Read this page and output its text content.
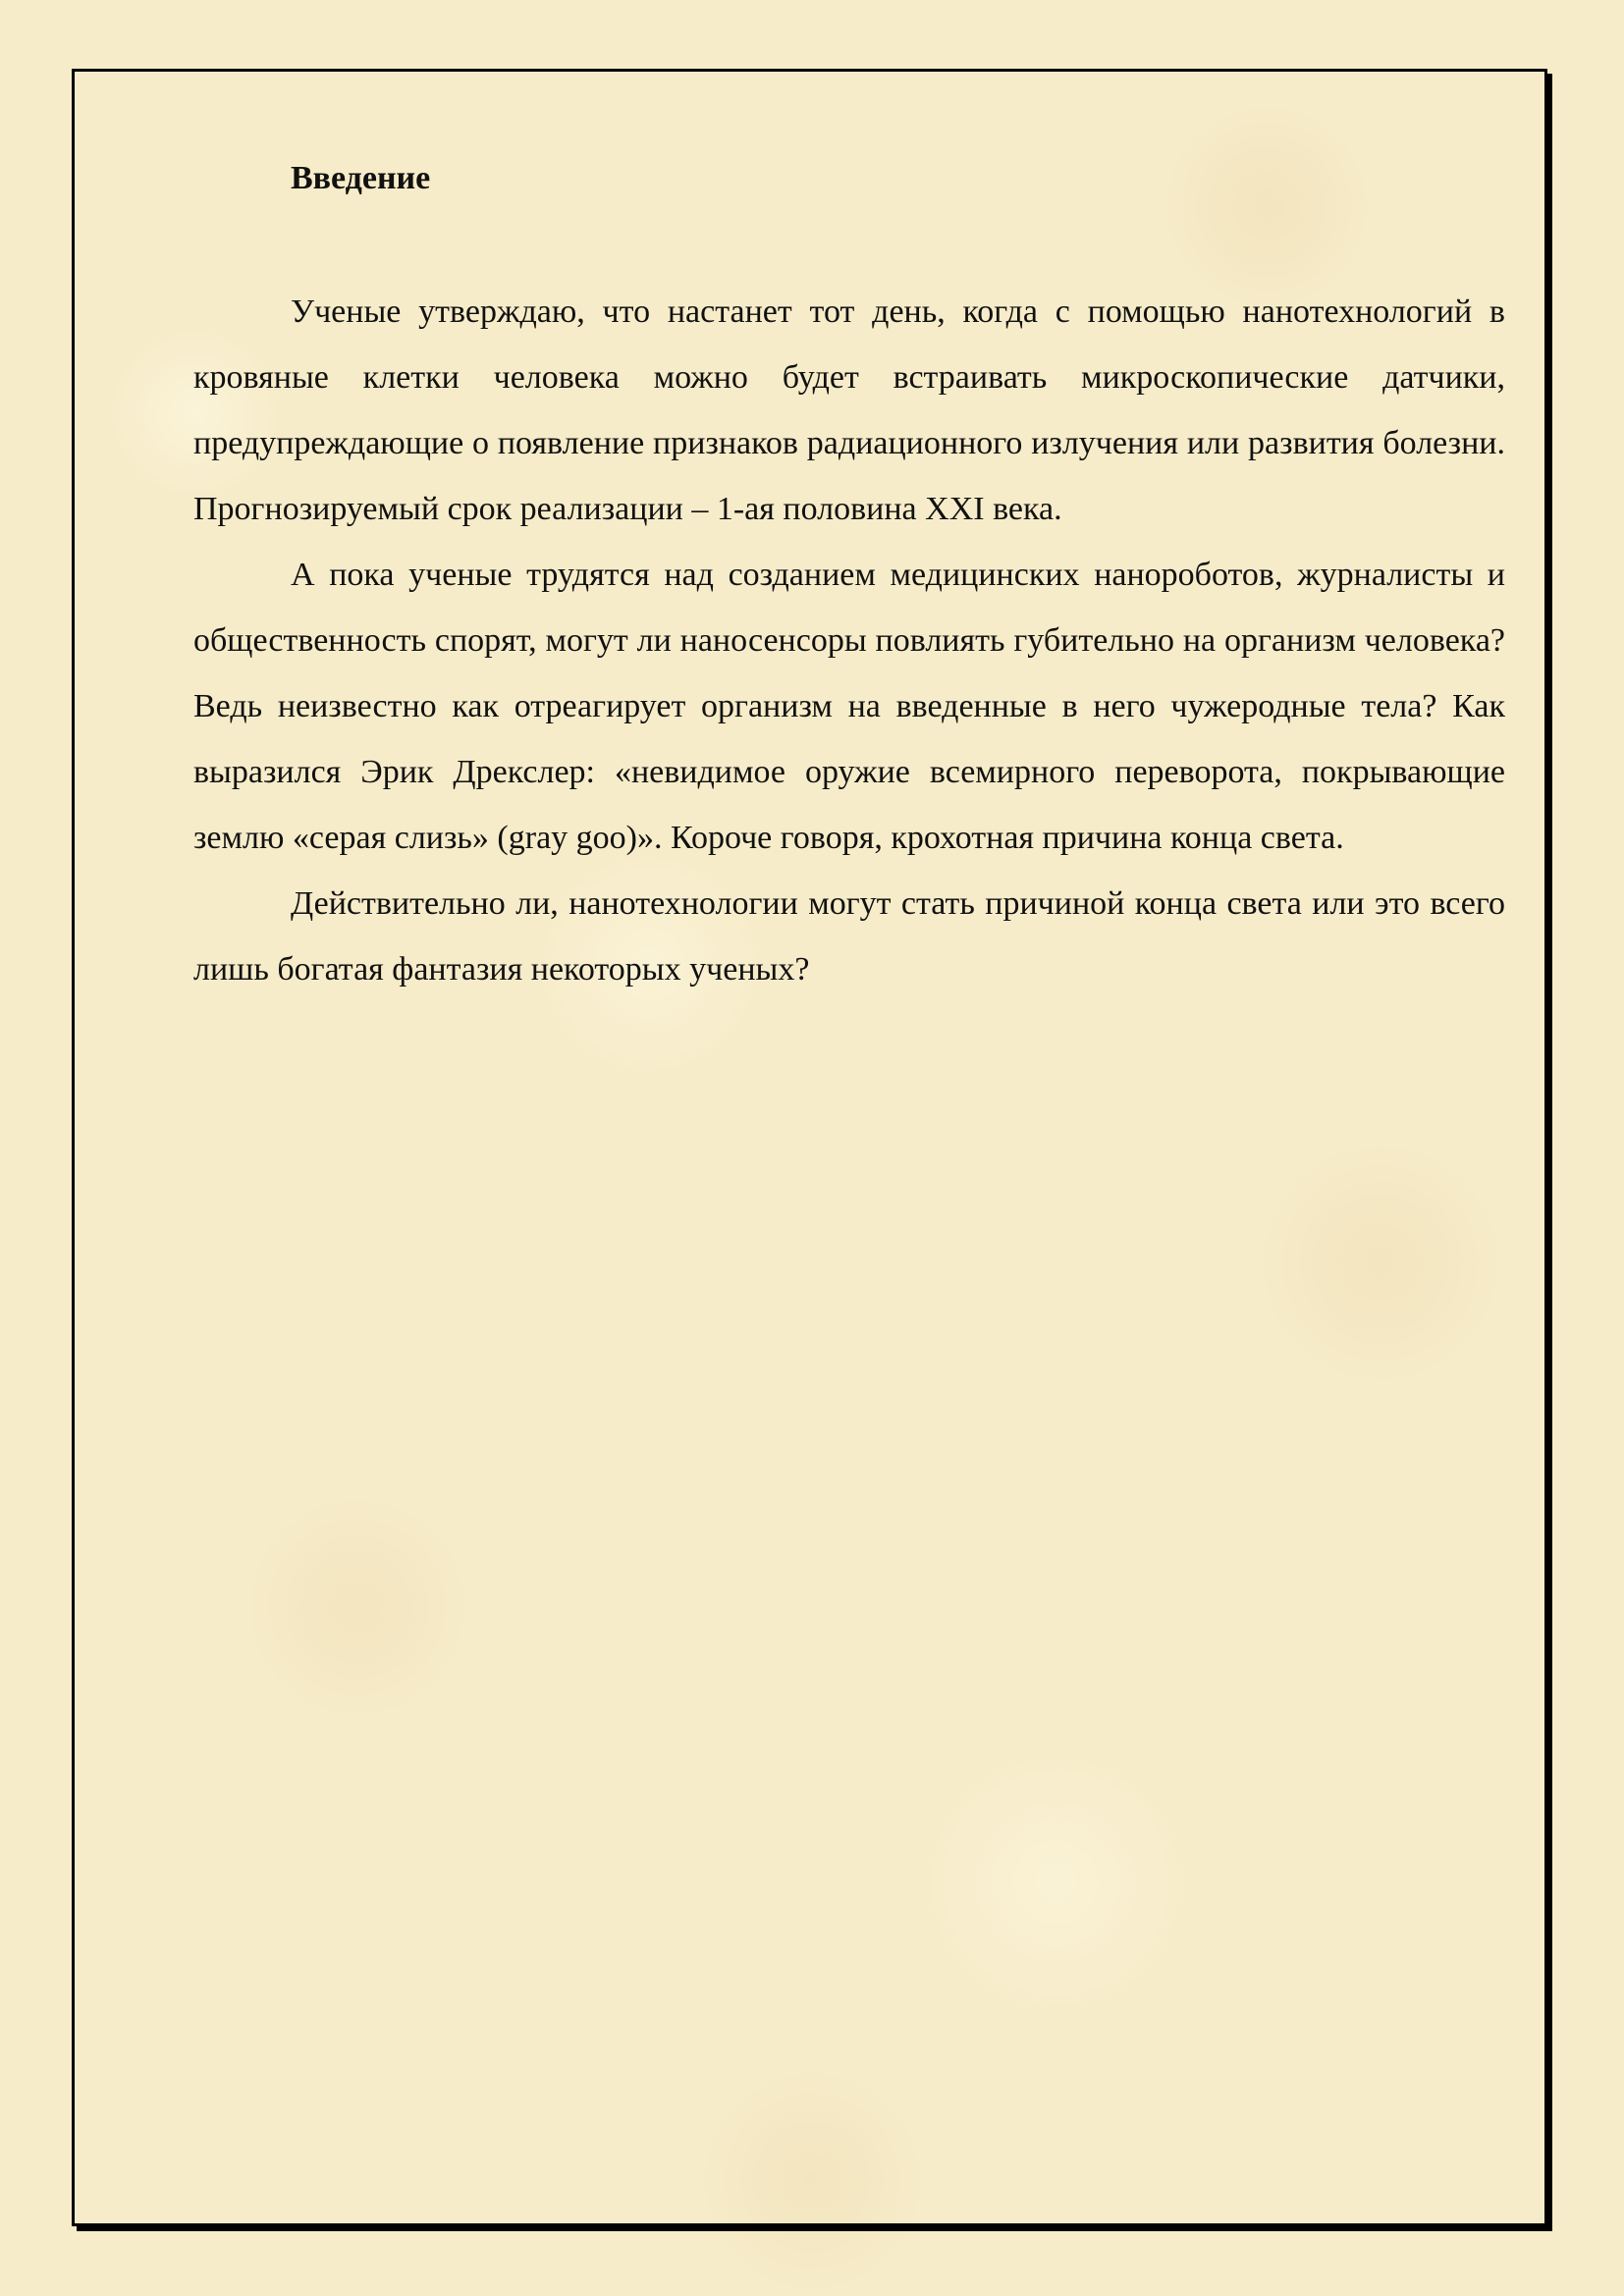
Введение

Ученые утверждаю, что настанет тот день, когда с помощью нанотехнологий в кровяные клетки человека можно будет встраивать микроскопические датчики, предупреждающие о появление признаков радиационного излучения или развития болезни. Прогнозируемый срок реализации – 1-ая половина XXI века.

А пока ученые трудятся над созданием медицинских нанороботов, журналисты и общественность спорят, могут ли наносенсоры повлиять губительно на организм человека? Ведь неизвестно как отреагирует организм на введенные в него чужеродные тела? Как выразился Эрик Дрекслер: «невидимое оружие всемирного переворота, покрывающие землю «серая слизь» (gray goo)». Короче говоря, крохотная причина конца света.

Действительно ли, нанотехнологии могут стать причиной конца света или это всего лишь богатая фантазия некоторых ученых?
